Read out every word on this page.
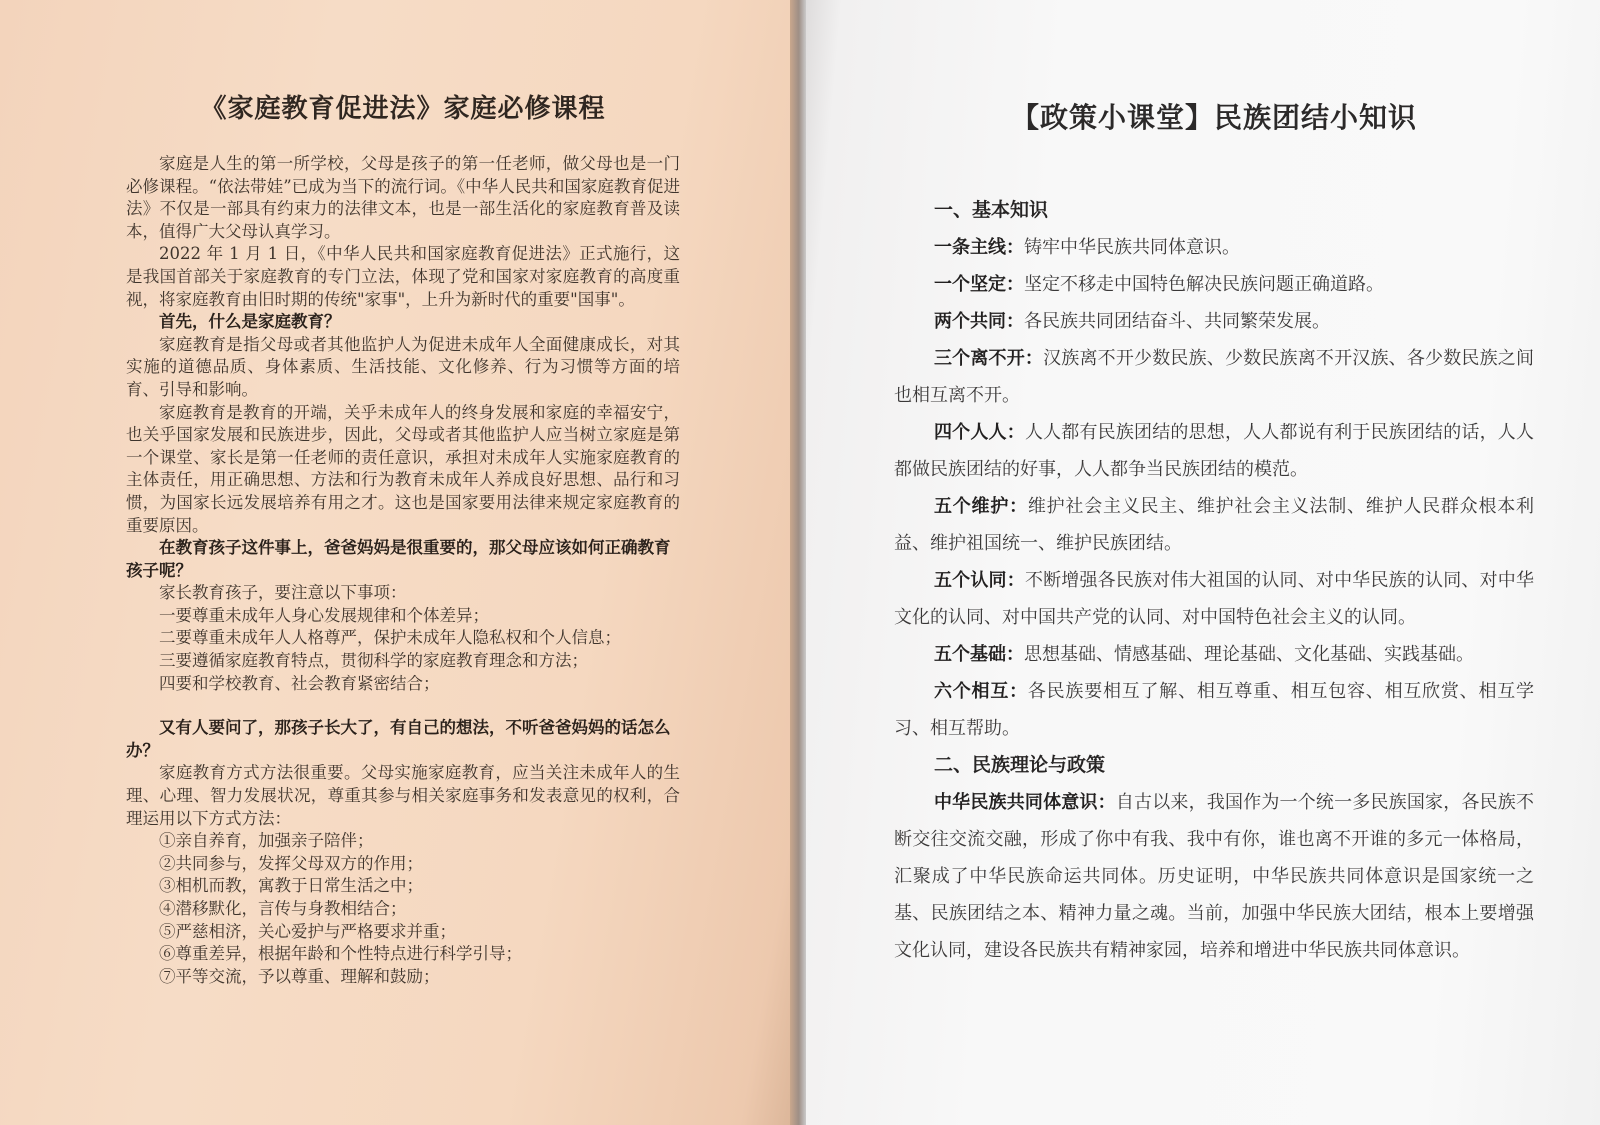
《家庭教育促进法》家庭必修课程

家庭是人生的第一所学校，父母是孩子的第一任老师，做父母也是一门必修课程。“依法带娃”已成为当下的流行词。《中华人民共和国家庭教育促进法》不仅是一部具有约束力的法律文本，也是一部生活化的家庭教育普及读本，值得广大父母认真学习。

2022 年 1 月 1 日，《中华人民共和国家庭教育促进法》正式施行，这是我国首部关于家庭教育的专门立法，体现了党和国家对家庭教育的高度重视，将家庭教育由旧时期的传统"家事"，上升为新时代的重要"国事"。

首先，什么是家庭教育？

家庭教育是指父母或者其他监护人为促进未成年人全面健康成长，对其实施的道德品质、身体素质、生活技能、文化修养、行为习惯等方面的培育、引导和影响。

家庭教育是教育的开端，关乎未成年人的终身发展和家庭的幸福安宁，也关乎国家发展和民族进步，因此，父母或者其他监护人应当树立家庭是第一个课堂、家长是第一任老师的责任意识，承担对未成年人实施家庭教育的主体责任，用正确思想、方法和行为教育未成年人养成良好思想、品行和习惯，为国家长远发展培养有用之才。这也是国家要用法律来规定家庭教育的重要原因。

在教育孩子这件事上，爸爸妈妈是很重要的，那父母应该如何正确教育孩子呢？

家长教育孩子，要注意以下事项：

一要尊重未成年人身心发展规律和个体差异；

二要尊重未成年人人格尊严，保护未成年人隐私权和个人信息；

三要遵循家庭教育特点，贯彻科学的家庭教育理念和方法；

四要和学校教育、社会教育紧密结合；

又有人要问了，那孩子长大了，有自己的想法，不听爸爸妈妈的话怎么办？

家庭教育方式方法很重要。父母实施家庭教育，应当关注未成年人的生理、心理、智力发展状况，尊重其参与相关家庭事务和发表意见的权利，合理运用以下方式方法：

①亲自养育，加强亲子陪伴；

②共同参与，发挥父母双方的作用；

③相机而教，寓教于日常生活之中；

④潜移默化，言传与身教相结合；

⑤严慈相济，关心爱护与严格要求并重；

⑥尊重差异，根据年龄和个性特点进行科学引导；

⑦平等交流，予以尊重、理解和鼓励；

【政策小课堂】民族团结小知识

一、基本知识

一条主线：铸牢中华民族共同体意识。

一个坚定：坚定不移走中国特色解决民族问题正确道路。

两个共同：各民族共同团结奋斗、共同繁荣发展。

三个离不开：汉族离不开少数民族、少数民族离不开汉族、各少数民族之间也相互离不开。

四个人人：人人都有民族团结的思想，人人都说有利于民族团结的话，人人都做民族团结的好事，人人都争当民族团结的模范。

五个维护：维护社会主义民主、维护社会主义法制、维护人民群众根本利益、维护祖国统一、维护民族团结。

五个认同：不断增强各民族对伟大祖国的认同、对中华民族的认同、对中华文化的认同、对中国共产党的认同、对中国特色社会主义的认同。

五个基础：思想基础、情感基础、理论基础、文化基础、实践基础。

六个相互：各民族要相互了解、相互尊重、相互包容、相互欣赏、相互学习、相互帮助。

二、民族理论与政策

中华民族共同体意识：自古以来，我国作为一个统一多民族国家，各民族不断交往交流交融，形成了你中有我、我中有你，谁也离不开谁的多元一体格局，汇聚成了中华民族命运共同体。历史证明，中华民族共同体意识是国家统一之基、民族团结之本、精神力量之魂。当前，加强中华民族大团结，根本上要增强文化认同，建设各民族共有精神家园，培养和增进中华民族共同体意识。
